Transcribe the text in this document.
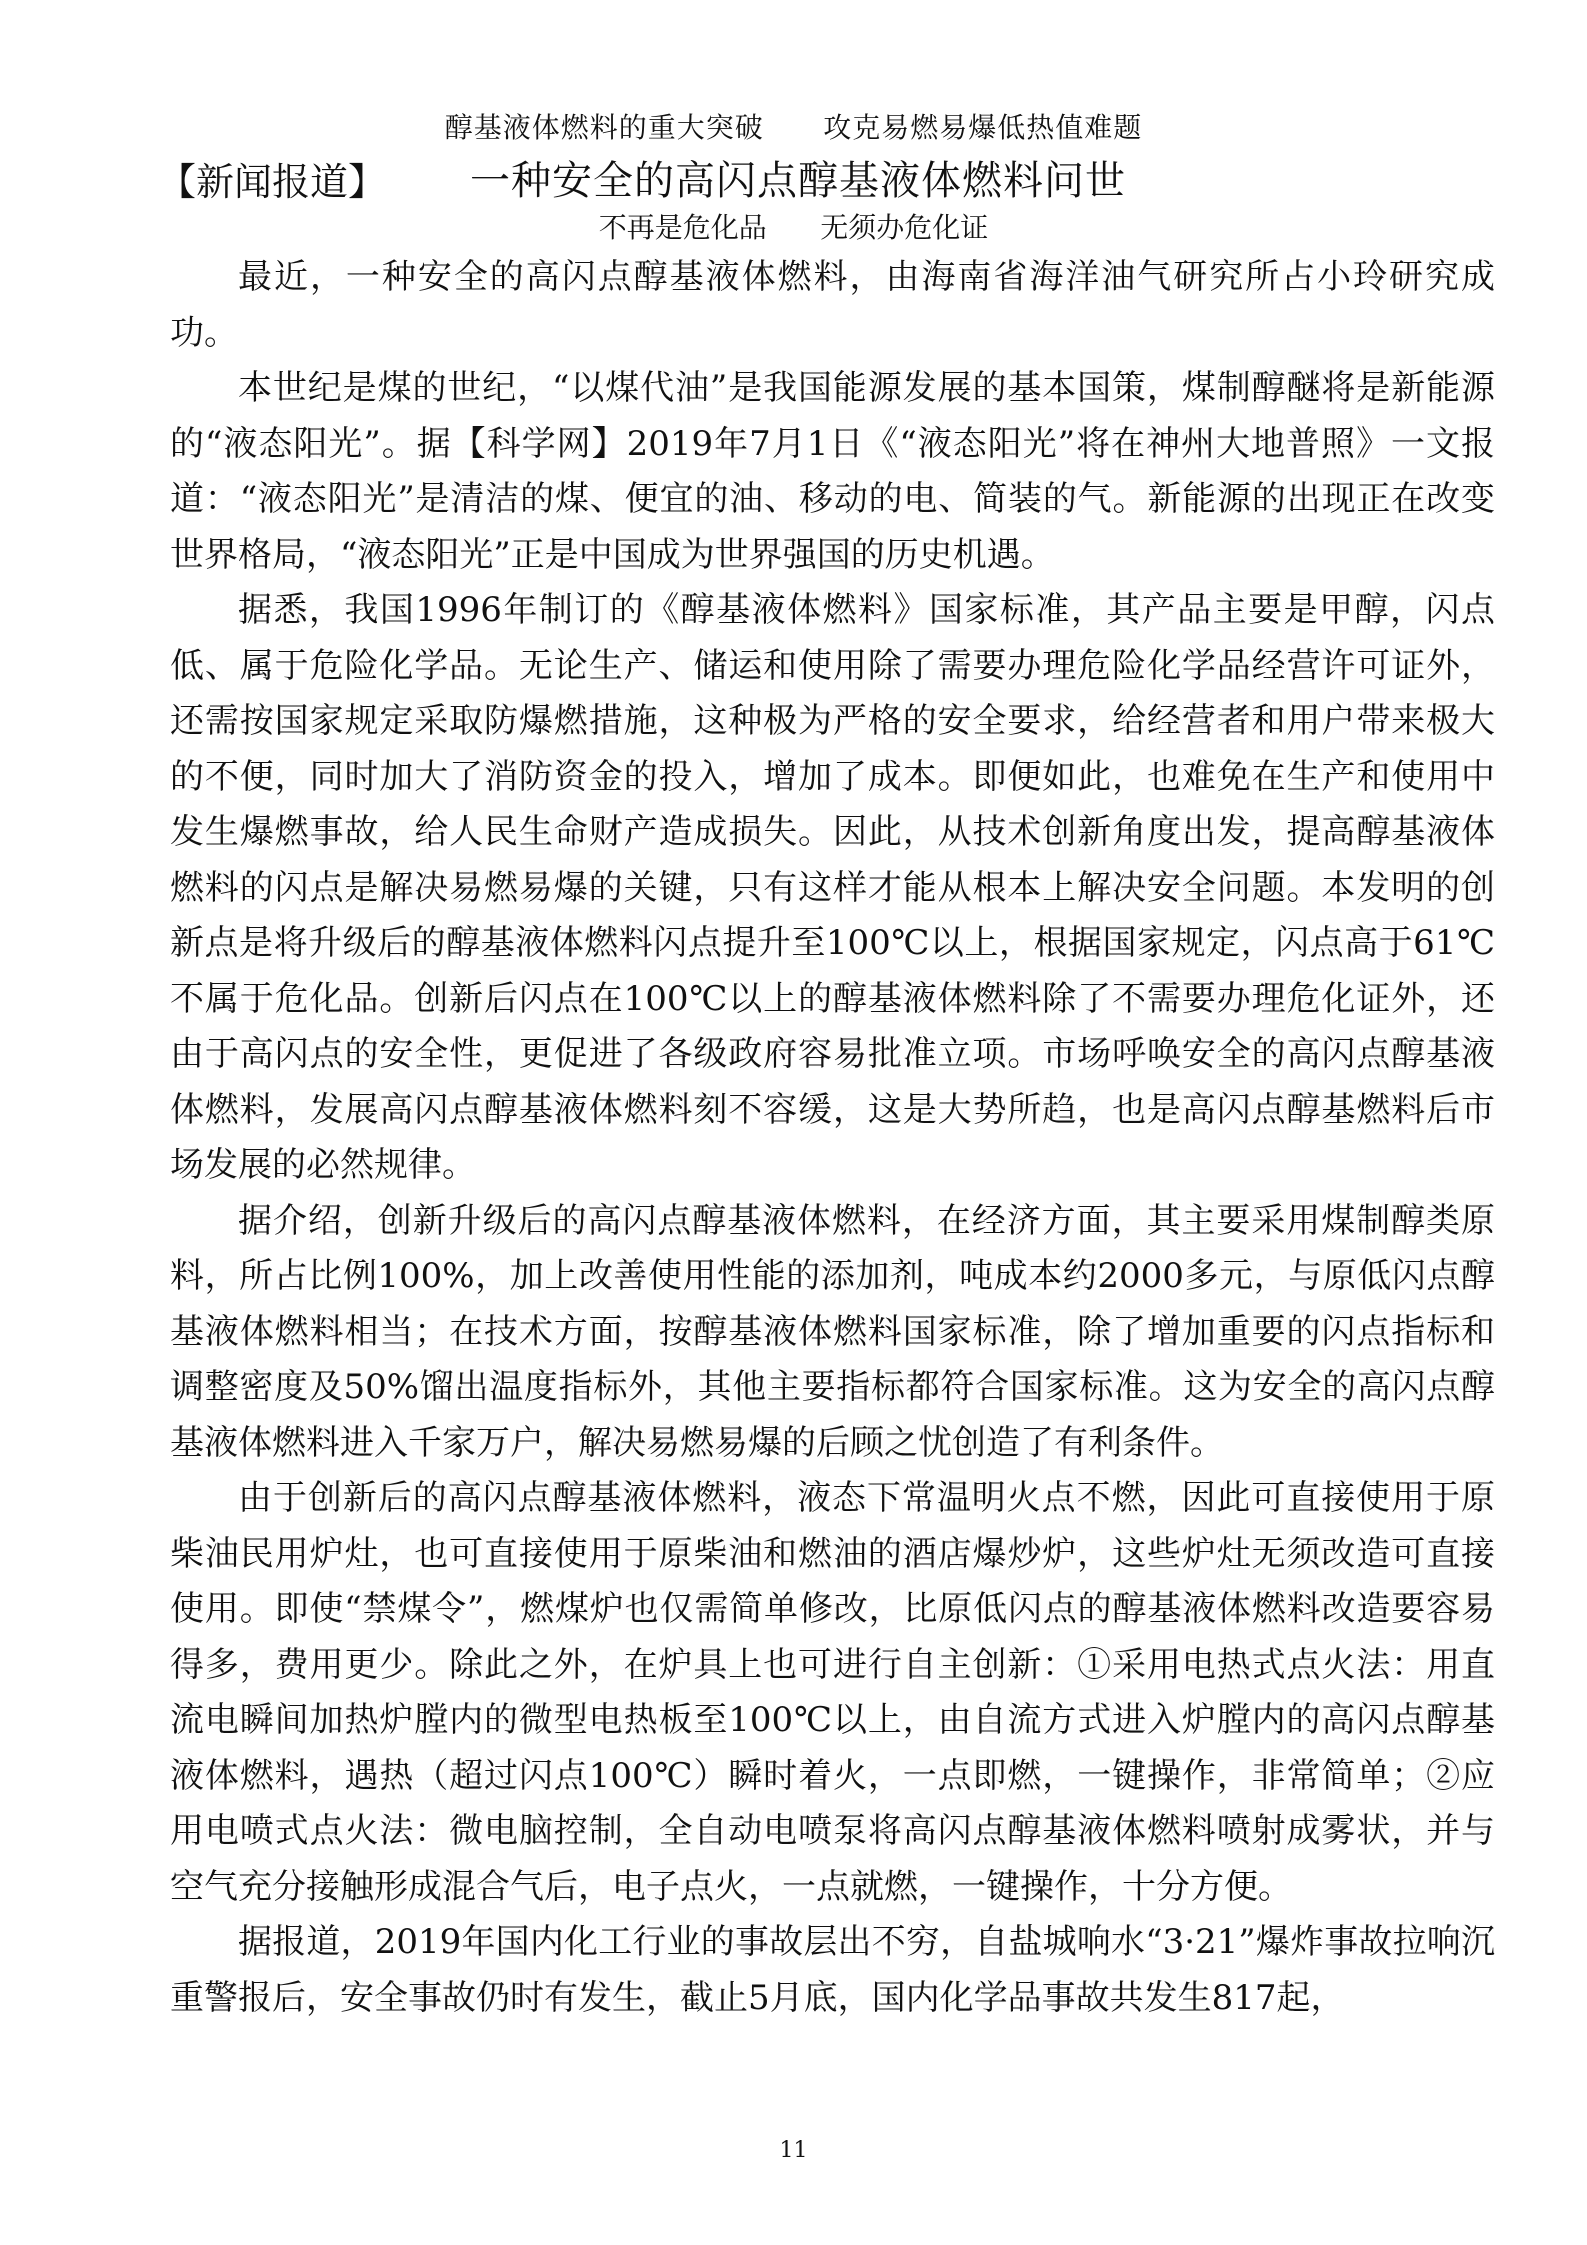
醇基液体燃料的重大突破      攻克易燃易爆低热值难题
【新闻报道】 一种安全的高闪点醇基液体燃料问世
不再是危化品      无须办危化证

最近，一种安全的高闪点醇基液体燃料，由海南省海洋油气研究所占小玲研究成功。

本世纪是煤的世纪，“以煤代油”是我国能源发展的基本国策，煤制醇醚将是新能源的“液态阳光”。据【科学网】2019年7月1日《“液态阳光”将在神州大地普照》一文报道：“液态阳光”是清洁的煤、便宜的油、移动的电、简装的气。新能源的出现正在改变世界格局，“液态阳光”正是中国成为世界强国的历史机遇。

据悉，我国1996年制订的《醇基液体燃料》国家标准，其产品主要是甲醇，闪点低、属于危险化学品。无论生产、储运和使用除了需要办理危险化学品经营许可证外，还需按国家规定采取防爆燃措施，这种极为严格的安全要求，给经营者和用户带来极大的不便，同时加大了消防资金的投入，增加了成本。即便如此，也难免在生产和使用中发生爆燃事故，给人民生命财产造成损失。因此，从技术创新角度出发，提高醇基液体燃料的闪点是解决易燃易爆的关键，只有这样才能从根本上解决安全问题。本发明的创新点是将升级后的醇基液体燃料闪点提升至100℃以上，根据国家规定，闪点高于61℃不属于危化品。创新后闪点在100℃以上的醇基液体燃料除了不需要办理危化证外，还由于高闪点的安全性，更促进了各级政府容易批准立项。市场呼唤安全的高闪点醇基液体燃料，发展高闪点醇基液体燃料刻不容缓，这是大势所趋，也是高闪点醇基燃料后市场发展的必然规律。

据介绍，创新升级后的高闪点醇基液体燃料，在经济方面，其主要采用煤制醇类原料，所占比例100%，加上改善使用性能的添加剂，吨成本约2000多元，与原低闪点醇基液体燃料相当；在技术方面，按醇基液体燃料国家标准，除了增加重要的闪点指标和调整密度及50%馏出温度指标外，其他主要指标都符合国家标准。这为安全的高闪点醇基液体燃料进入千家万户，解决易燃易爆的后顾之忧创造了有利条件。

由于创新后的高闪点醇基液体燃料，液态下常温明火点不燃，因此可直接使用于原柴油民用炉灶，也可直接使用于原柴油和燃油的酒店爆炒炉，这些炉灶无须改造可直接使用。即使“禁煤令”，燃煤炉也仅需简单修改，比原低闪点的醇基液体燃料改造要容易得多，费用更少。除此之外，在炉具上也可进行自主创新：①采用电热式点火法：用直流电瞬间加热炉膛内的微型电热板至100℃以上，由自流方式进入炉膛内的高闪点醇基液体燃料，遇热（超过闪点100℃）瞬时着火，一点即燃，一键操作，非常简单；②应用电喷式点火法：微电脑控制，全自动电喷泵将高闪点醇基液体燃料喷射成雾状，并与空气充分接触形成混合气后，电子点火，一点就燃，一键操作，十分方便。

据报道，2019年国内化工行业的事故层出不穷，自盐城响水“3·21”爆炸事故拉响沉重警报后，安全事故仍时有发生，截止5月底，国内化学品事故共发生817起，

11
